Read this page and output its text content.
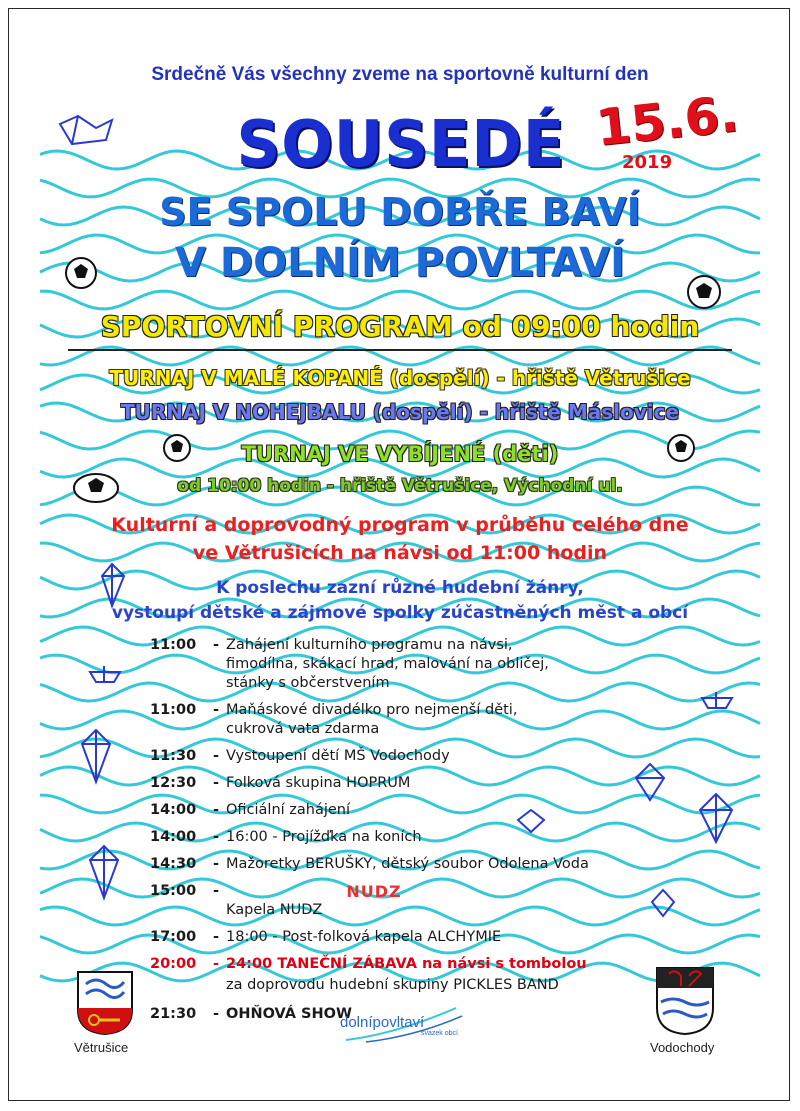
Srdečně Vás všechny zveme na sportovně kulturní den
SOUSEDÉ 15.6.
2019
SE SPOLU DOBŘE BAVÍ
V DOLNÍM POVLTAVÍ
SPORTOVNÍ PROGRAM od 09:00 hodin
TURNAJ V MALÉ KOPANÉ (dospělí) - hřiště Větrušice
TURNAJ V NOHEJBALU (dospělí) - hřiště Máslovice
TURNAJ VE VYBÍJENÉ (děti)
od 10:00 hodin - hřiště Větrušice, Východní ul.
Kulturní a doprovodný program v průběhu celého dne
ve Větrušicích na návsi od 11:00 hodin
K poslechu zazní různé hudební žánry,
vystoupí dětské a zájmové spolky zúčastněných měst a obcí
11:00	- Zahájení kulturního programu na návsi,
fimodílna, skákací hrad, malování na obličej,
stánky s občerstvením
11:00	- Maňáskové divadélko pro nejmenší děti,
cukrová vata zdarma
11:30	- Vystoupení dětí MŠ Vodochody
12:30	- Folková skupina HOPRUM
14:00	- Oficiální zahájení
14:00	- 16:00 - Projížďka na koních
14:30	- Mažoretky BERUŠKY, dětský soubor Odolena Voda
15:00	-

Kapela NUDZ

NUDZ
17:00	- 18:00 - Post-folková kapela ALCHYMIE
20:00	- 24:00 TANEČNÍ ZÁBAVA na návsi s tombolou
za doprovodu hudební skupiny PICKLES BAND
21:30	- OHŇOVÁ SHOW
Větrušice	Vodochody
dolnípovltaví
svazek obcí
